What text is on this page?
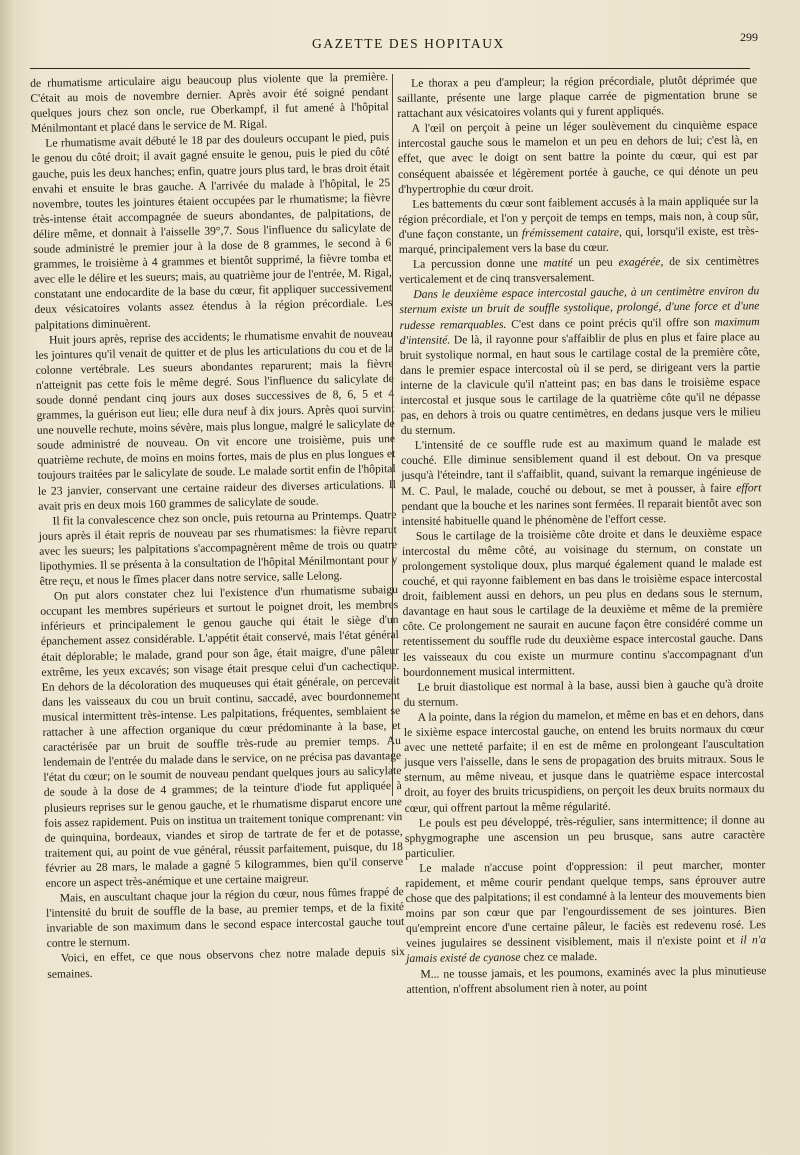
GAZETTE DES HOPITAUX	299

de rhumatisme articulaire aigu beaucoup plus violente que la première. C'était au mois de novembre dernier. Après avoir été soigné pendant quelques jours chez son oncle, rue Oberkampf, il fut amené à l'hôpital Ménilmontant et placé dans le service de M. Rigal.

Le rhumatisme avait débuté le 18 par des douleurs occupant le pied, puis le genou du côté droit; il avait gagné ensuite le genou, puis le pied du côté gauche, puis les deux hanches; enfin, quatre jours plus tard, le bras droit était envahi et ensuite le bras gauche. A l'arrivée du malade à l'hôpital, le 25 novembre, toutes les jointures étaient occupées par le rhumatisme; la fièvre très-intense était accompagnée de sueurs abondantes, de palpitations, de délire même, et donnait à l'aisselle 39°,7. Sous l'influence du salicylate de soude administré le premier jour à la dose de 8 grammes, le second à 6 grammes, le troisième à 4 grammes et bientôt supprimé, la fièvre tomba et avec elle le délire et les sueurs; mais, au quatrième jour de l'entrée, M. Rigal, constatant une endocardite de la base du cœur, fit appliquer successivement deux vésicatoires volants assez étendus à la région précordiale. Les palpitations diminuèrent.

Huit jours après, reprise des accidents; le rhumatisme envahit de nouveau les jointures qu'il venait de quitter et de plus les articulations du cou et de la colonne vertébrale. Les sueurs abondantes reparurent; mais la fièvre n'atteignit pas cette fois le même degré. Sous l'influence du salicylate de soude donné pendant cinq jours aux doses successives de 8, 6, 5 et 4 grammes, la guérison eut lieu; elle dura neuf à dix jours. Après quoi survint une nouvelle rechute, moins sévère, mais plus longue, malgré le salicylate de soude administré de nouveau. On vit encore une troisième, puis une quatrième rechute, de moins en moins fortes, mais de plus en plus longues et toujours traitées par le salicylate de soude. Le malade sortit enfin de l'hôpital le 23 janvier, conservant une certaine raideur des diverses articulations. Il avait pris en deux mois 160 grammes de salicylate de soude.

Il fit la convalescence chez son oncle, puis retourna au Printemps. Quatre jours après il était repris de nouveau par ses rhumatismes: la fièvre reparut avec les sueurs; les palpitations s'accompagnèrent même de trois ou quatre lipothymies. Il se présenta à la consultation de l'hôpital Ménilmontant pour y être reçu, et nous le fîmes placer dans notre service, salle Lelong.

On put alors constater chez lui l'existence d'un rhumatisme subaigu occupant les membres supérieurs et surtout le poignet droit, les membres inférieurs et principalement le genou gauche qui était le siège d'un épanchement assez considérable. L'appétit était conservé, mais l'état général était déplorable; le malade, grand pour son âge, était maigre, d'une pâleur extrême, les yeux excavés; son visage était presque celui d'un cachectique. En dehors de la décoloration des muqueuses qui était générale, on percevait dans les vaisseaux du cou un bruit continu, saccadé, avec bourdonnement musical intermittent très-intense. Les palpitations, fréquentes, semblaient se rattacher à une affection organique du cœur prédominante à la base, et caractérisée par un bruit de souffle très-rude au premier temps. Au lendemain de l'entrée du malade dans le service, on ne précisa pas davantage l'état du cœur; on le soumit de nouveau pendant quelques jours au salicylate de soude à la dose de 4 grammes; de la teinture d'iode fut appliquée à plusieurs reprises sur le genou gauche, et le rhumatisme disparut encore une fois assez rapidement. Puis on institua un traitement tonique comprenant: vin de quinquina, bordeaux, viandes et sirop de tartrate de fer et de potasse, traitement qui, au point de vue général, réussit parfaitement, puisque, du 18 février au 28 mars, le malade a gagné 5 kilogrammes, bien qu'il conserve encore un aspect très-anémique et une certaine maigreur.

Mais, en auscultant chaque jour la région du cœur, nous fûmes frappé de l'intensité du bruit de souffle de la base, au premier temps, et de la fixité invariable de son maximum dans le second espace intercostal gauche tout contre le sternum.

Voici, en effet, ce que nous observons chez notre malade depuis six semaines.

Le thorax a peu d'ampleur; la région précordiale, plutôt déprimée que saillante, présente une large plaque carrée de pigmentation brune se rattachant aux vésicatoires volants qui y furent appliqués.

A l'œil on perçoit à peine un léger soulèvement du cinquième espace intercostal gauche sous le mamelon et un peu en dehors de lui; c'est là, en effet, que avec le doigt on sent battre la pointe du cœur, qui est par conséquent abaissée et légèrement portée à gauche, ce qui dénote un peu d'hypertrophie du cœur droit.

Les battements du cœur sont faiblement accusés à la main appliquée sur la région précordiale, et l'on y perçoit de temps en temps, mais non, à coup sûr, d'une façon constante, un frémissement cataire, qui, lorsqu'il existe, est très-marqué, principalement vers la base du cœur.

La percussion donne une matité un peu exagérée, de six centimètres verticalement et de cinq transversalement.

Dans le deuxième espace intercostal gauche, à un centimètre environ du sternum existe un bruit de souffle systolique, prolongé, d'une force et d'une rudesse remarquables. C'est dans ce point précis qu'il offre son maximum d'intensité. De là, il rayonne pour s'affaiblir de plus en plus et faire place au bruit systolique normal, en haut sous le cartilage costal de la première côte, dans le premier espace intercostal où il se perd, se dirigeant vers la partie interne de la clavicule qu'il n'atteint pas; en bas dans le troisième espace intercostal et jusque sous le cartilage de la quatrième côte qu'il ne dépasse pas, en dehors à trois ou quatre centimètres, en dedans jusque vers le milieu du sternum.

L'intensité de ce souffle rude est au maximum quand le malade est couché. Elle diminue sensiblement quand il est debout. On va presque jusqu'à l'éteindre, tant il s'affaiblit, quand, suivant la remarque ingénieuse de M. C. Paul, le malade, couché ou debout, se met à pousser, à faire effort pendant que la bouche et les narines sont fermées. Il reparait bientôt avec son intensité habituelle quand le phénomène de l'effort cesse.

Sous le cartilage de la troisième côte droite et dans le deuxième espace intercostal du même côté, au voisinage du sternum, on constate un prolongement systolique doux, plus marqué également quand le malade est couché, et qui rayonne faiblement en bas dans le troisième espace intercostal droit, faiblement aussi en dehors, un peu plus en dedans sous le sternum, davantage en haut sous le cartilage de la deuxième et même de la première côte. Ce prolongement ne saurait en aucune façon être considéré comme un retentissement du souffle rude du deuxième espace intercostal gauche. Dans les vaisseaux du cou existe un murmure continu s'accompagnant d'un bourdonnement musical intermittent.

Le bruit diastolique est normal à la base, aussi bien à gauche qu'à droite du sternum.

A la pointe, dans la région du mamelon, et même en bas et en dehors, dans le sixième espace intercostal gauche, on entend les bruits normaux du cœur avec une netteté parfaite; il en est de même en prolongeant l'auscultation jusque vers l'aisselle, dans le sens de propagation des bruits mitraux. Sous le sternum, au même niveau, et jusque dans le quatrième espace intercostal droit, au foyer des bruits tricuspidiens, on perçoit les deux bruits normaux du cœur, qui offrent partout la même régularité.

Le pouls est peu développé, très-régulier, sans intermittence; il donne au sphygmographe une ascension un peu brusque, sans autre caractère particulier.

Le malade n'accuse point d'oppression: il peut marcher, monter rapidement, et même courir pendant quelque temps, sans éprouver autre chose que des palpitations; il est condamné à la lenteur des mouvements bien moins par son cœur que par l'engourdissement de ses jointures. Bien qu'empreint encore d'une certaine pâleur, le faciès est redevenu rosé. Les veines jugulaires se dessinent visiblement, mais il n'existe point et il n'a jamais existé de cyanose chez ce malade.

M... ne tousse jamais, et les poumons, examinés avec la plus minutieuse attention, n'offrent absolument rien à noter, au point
